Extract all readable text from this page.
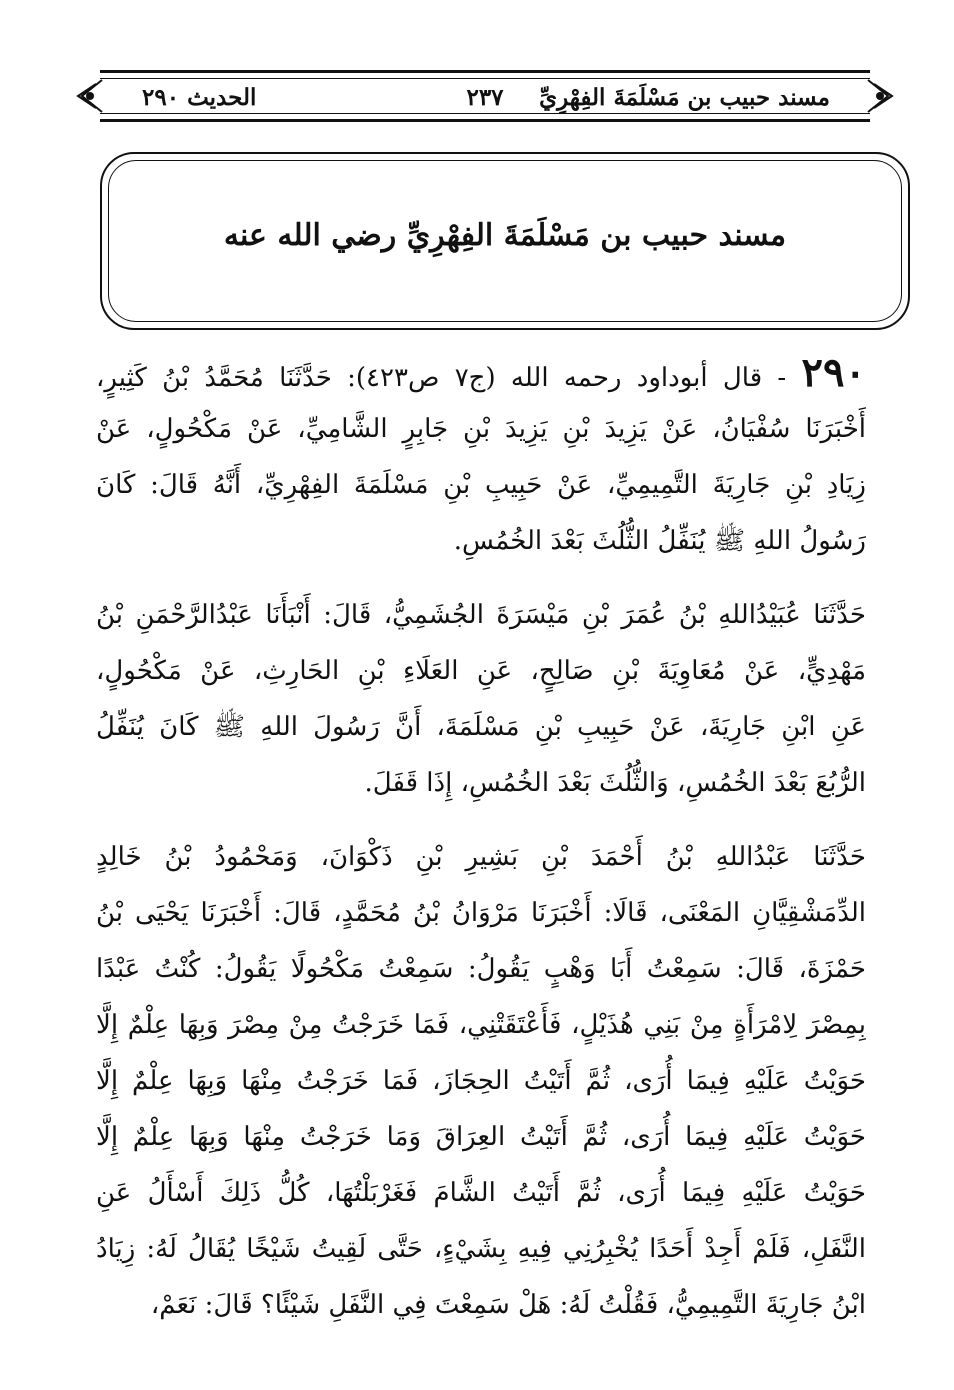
مسند حبيب بن مَسْلَمَةَ الفِهْرِيِّ
٢٣٧
الحديث ٢٩٠
مسند حبيب بن مَسْلَمَةَ الفِهْرِيِّ رضي الله عنه
٢٩٠ - قال أبوداود رحمه الله (ج٧ ص٤٢٣): حَدَّثَنَا مُحَمَّدُ بْنُ كَثِيرٍ،
أَخْبَرَنَا سُفْيَانُ، عَنْ يَزِيدَ بْنِ يَزِيدَ بْنِ جَابِرٍ الشَّامِيِّ، عَنْ مَكْحُولٍ، عَنْ
زِيَادِ بْنِ جَارِيَةَ التَّمِيمِيِّ، عَنْ حَبِيبِ بْنِ مَسْلَمَةَ الفِهْرِيِّ، أَنَّهُ قَالَ: كَانَ
رَسُولُ اللهِ ﷺ يُنَفِّلُ الثُّلُثَ بَعْدَ الخُمُسِ.
حَدَّثَنَا عُبَيْدُاللهِ بْنُ عُمَرَ بْنِ مَيْسَرَةَ الجُشَمِيُّ، قَالَ: أَنْبَأَنَا عَبْدُالرَّحْمَنِ بْنُ
مَهْدِيٍّ، عَنْ مُعَاوِيَةَ بْنِ صَالِحٍ، عَنِ العَلَاءِ بْنِ الحَارِثِ، عَنْ مَكْحُولٍ،
عَنِ ابْنِ جَارِيَةَ، عَنْ حَبِيبِ بْنِ مَسْلَمَةَ، أَنَّ رَسُولَ اللهِ ﷺ كَانَ يُنَفِّلُ
الرُّبُعَ بَعْدَ الخُمُسِ، وَالثُّلُثَ بَعْدَ الخُمُسِ، إِذَا قَفَلَ.
حَدَّثَنَا عَبْدُاللهِ بْنُ أَحْمَدَ بْنِ بَشِيرِ بْنِ ذَكْوَانَ، وَمَحْمُودُ بْنُ خَالِدٍ
الدِّمَشْقِيَّانِ المَعْنَى، قَالَا: أَخْبَرَنَا مَرْوَانُ بْنُ مُحَمَّدٍ، قَالَ: أَخْبَرَنَا يَحْيَى بْنُ
حَمْزَةَ، قَالَ: سَمِعْتُ أَبَا وَهْبٍ يَقُولُ: سَمِعْتُ مَكْحُولًا يَقُولُ: كُنْتُ عَبْدًا
بِمِصْرَ لِامْرَأَةٍ مِنْ بَنِي هُذَيْلٍ، فَأَعْتَقَتْنِي، فَمَا خَرَجْتُ مِنْ مِصْرَ وَبِهَا عِلْمٌ إِلَّا
حَوَيْتُ عَلَيْهِ فِيمَا أُرَى، ثُمَّ أَتَيْتُ الحِجَازَ، فَمَا خَرَجْتُ مِنْهَا وَبِهَا عِلْمٌ إِلَّا
حَوَيْتُ عَلَيْهِ فِيمَا أُرَى، ثُمَّ أَتَيْتُ العِرَاقَ وَمَا خَرَجْتُ مِنْهَا وَبِهَا عِلْمٌ إِلَّا
حَوَيْتُ عَلَيْهِ فِيمَا أُرَى، ثُمَّ أَتَيْتُ الشَّامَ فَغَرْبَلْتُهَا، كُلُّ ذَلِكَ أَسْأَلُ عَنِ
النَّفَلِ، فَلَمْ أَجِدْ أَحَدًا يُخْبِرُنِي فِيهِ بِشَيْءٍ، حَتَّى لَقِيتُ شَيْخًا يُقَالُ لَهُ: زِيَادُ
ابْنُ جَارِيَةَ التَّمِيمِيُّ، فَقُلْتُ لَهُ: هَلْ سَمِعْتَ فِي النَّفَلِ شَيْئًا؟ قَالَ: نَعَمْ،
